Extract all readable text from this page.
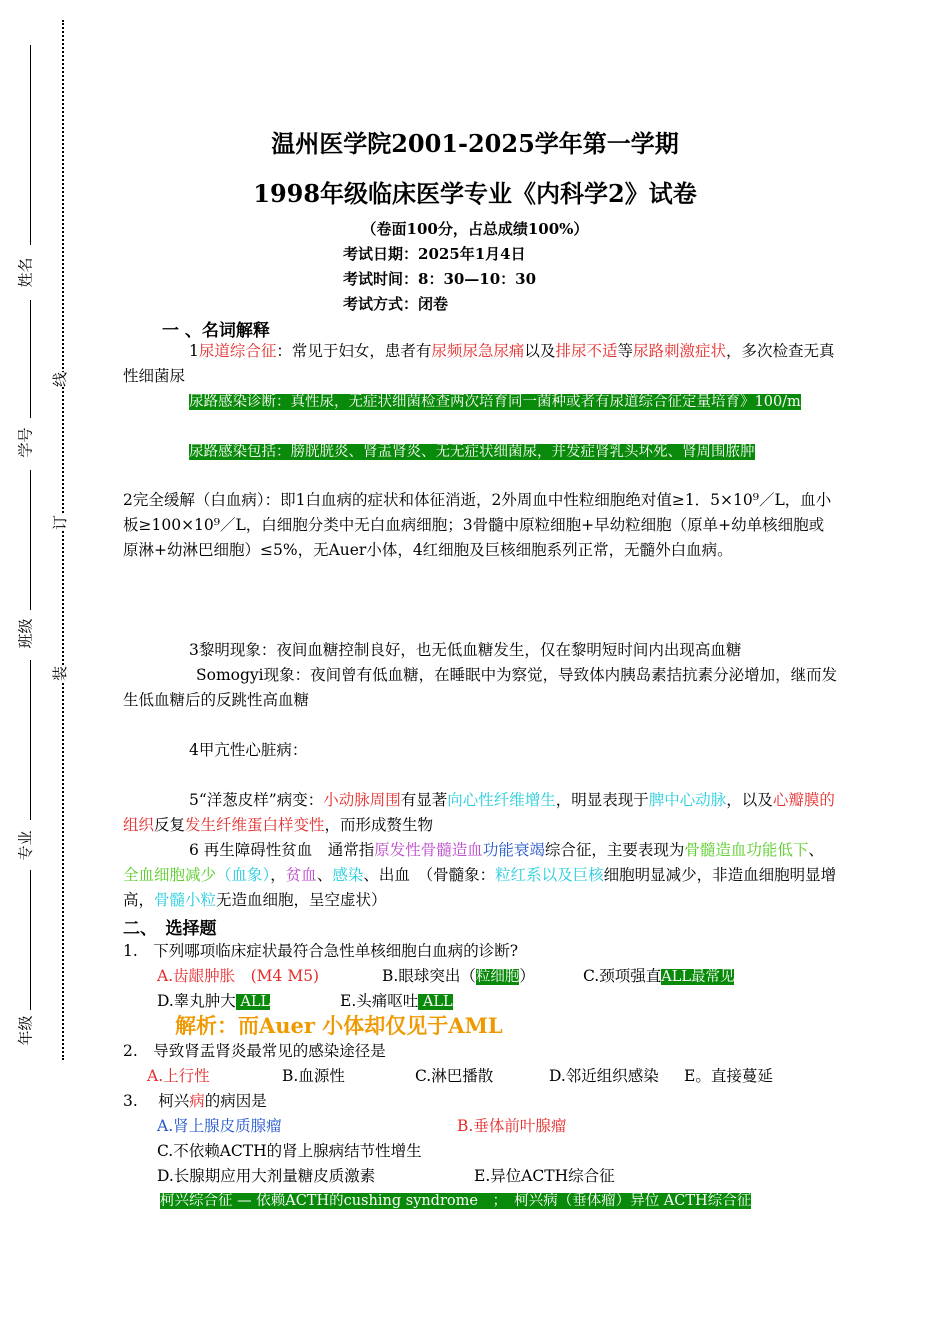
姓名
学号
班级
专业
年级
线
订
装
温州医学院2001-2025学年第一学期
1998年级临床医学专业《内科学2》试卷
（卷面100分，占总成绩100%）
考试日期：2025年1月4日
考试时间：8：30—10：30
考试方式：闭卷
一 、名词解释
1尿道综合征：常见于妇女，患者有尿频尿急尿痛以及排尿不适等尿路刺激症状，多次检查无真性细菌尿
尿路感染诊断：真性尿，无症状细菌检查两次培育同一菌种或者有尿道综合征定量培育》100/m
尿路感染包括：膀胱胱炎、肾盂肾炎、无无症状细菌尿，并发症肾乳头坏死、肾周围脓肿
2完全缓解（白血病）：即1白血病的症状和体征消逝，2外周血中性粒细胞绝对值≥1．5×10⁹／L，血小板≥100×10⁹／L，白细胞分类中无白血病细胞；3骨髓中原粒细胞+早幼粒细胞（原单+幼单核细胞或原淋+幼淋巴细胞）≤5%，无Auer小体，4红细胞及巨核细胞系列正常，无髓外白血病。
3黎明现象：夜间血糖控制良好，也无低血糖发生，仅在黎明短时间内出现高血糖
Somogyi现象：夜间曾有低血糖，在睡眠中为察觉，导致体内胰岛素拮抗素分泌增加，继而发生低血糖后的反跳性高血糖
4甲亢性心脏病：
5“洋葱皮样”病变：小动脉周围有显著向心性纤维增生，明显表现于脾中心动脉，以及心瓣膜的组织反复发生纤维蛋白样变性，而形成赘生物
6 再生障碍性贫血　通常指原发性骨髓造血功能衰竭综合征，主要表现为骨髓造血功能低下、全血细胞减少（血象），贫血、感染、出血　（骨髓象：粒红系以及巨核细胞明显减少，非造血细胞明显增高，骨髓小粒无造血细胞，呈空虚状）
二、　选择题
1.　下列哪项临床症状最符合急性单核细胞白血病的诊断?
A.齿龈肿胀　(M4 M5)	B.眼球突出（粒细胞）	C.颈项强直ALL最常见
D.睾丸肿大 ALL	E.头痛呕吐 ALL
解析：而Auer 小体却仅见于AML
2.　导致肾盂肾炎最常见的感染途径是
A.上行性	B.血源性	C.淋巴播散	D.邻近组织感染 E。直接蔓延
3.　 柯兴病的病因是
A.肾上腺皮质腺瘤	B.垂体前叶腺瘤
C.不依赖ACTH的肾上腺病结节性增生
D.长腺期应用大剂量糖皮质激素	E.异位ACTH综合征
柯兴综合征 — 依赖ACTH的cushing syndrome　；　柯兴病（垂体瘤）异位 ACTH综合征
